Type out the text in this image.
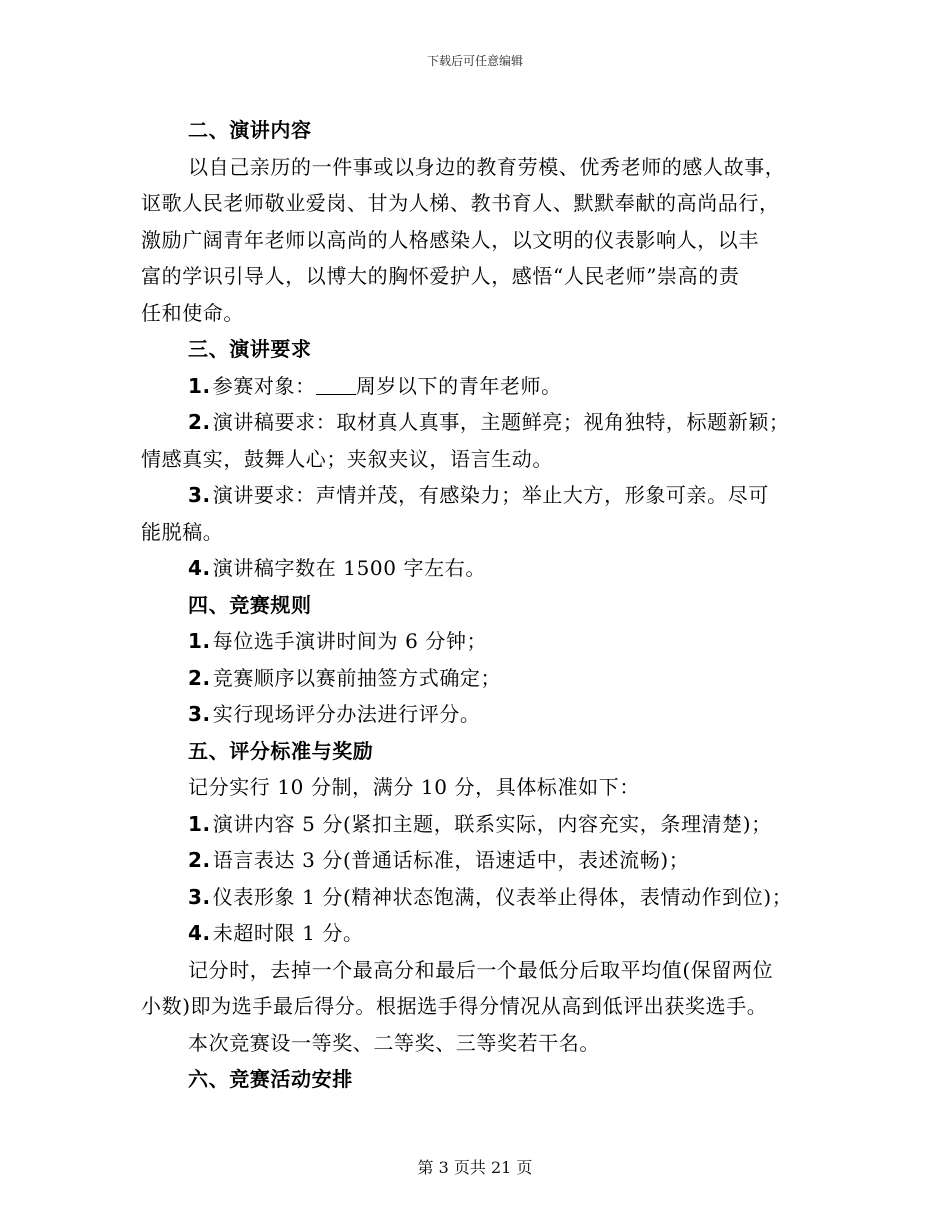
下载后可任意编辑
二、演讲内容
以自己亲历的一件事或以身边的教育劳模、优秀老师的感人故事，
讴歌人民老师敬业爱岗、甘为人梯、教书育人、默默奉献的高尚品行，
激励广阔青年老师以高尚的人格感染人，以文明的仪表影响人，以丰
富的学识引导人，以博大的胸怀爱护人，感悟“人民老师”崇高的责
任和使命。
三、演讲要求
1. 参赛对象： 周岁以下的青年老师。
2. 演讲稿要求：取材真人真事，主题鲜亮；视角独特，标题新颖；
情感真实，鼓舞人心；夹叙夹议，语言生动。
3. 演讲要求：声情并茂，有感染力；举止大方，形象可亲。尽可
能脱稿。
4. 演讲稿字数在 1500 字左右。
四、竞赛规则
1. 每位选手演讲时间为 6 分钟；
2. 竞赛顺序以赛前抽签方式确定；
3. 实行现场评分办法进行评分。
五、评分标准与奖励
记分实行 10 分制，满分 10 分，具体标准如下：
1. 演讲内容 5 分(紧扣主题，联系实际，内容充实，条理清楚)；
2. 语言表达 3 分(普通话标准，语速适中，表述流畅)；
3. 仪表形象 1 分(精神状态饱满，仪表举止得体，表情动作到位)；
4. 未超时限 1 分。
记分时，去掉一个最高分和最后一个最低分后取平均值(保留两位
小数)即为选手最后得分。根据选手得分情况从高到低评出获奖选手。
本次竞赛设一等奖、二等奖、三等奖若干名。
六、竞赛活动安排
第 3 页共 21 页
